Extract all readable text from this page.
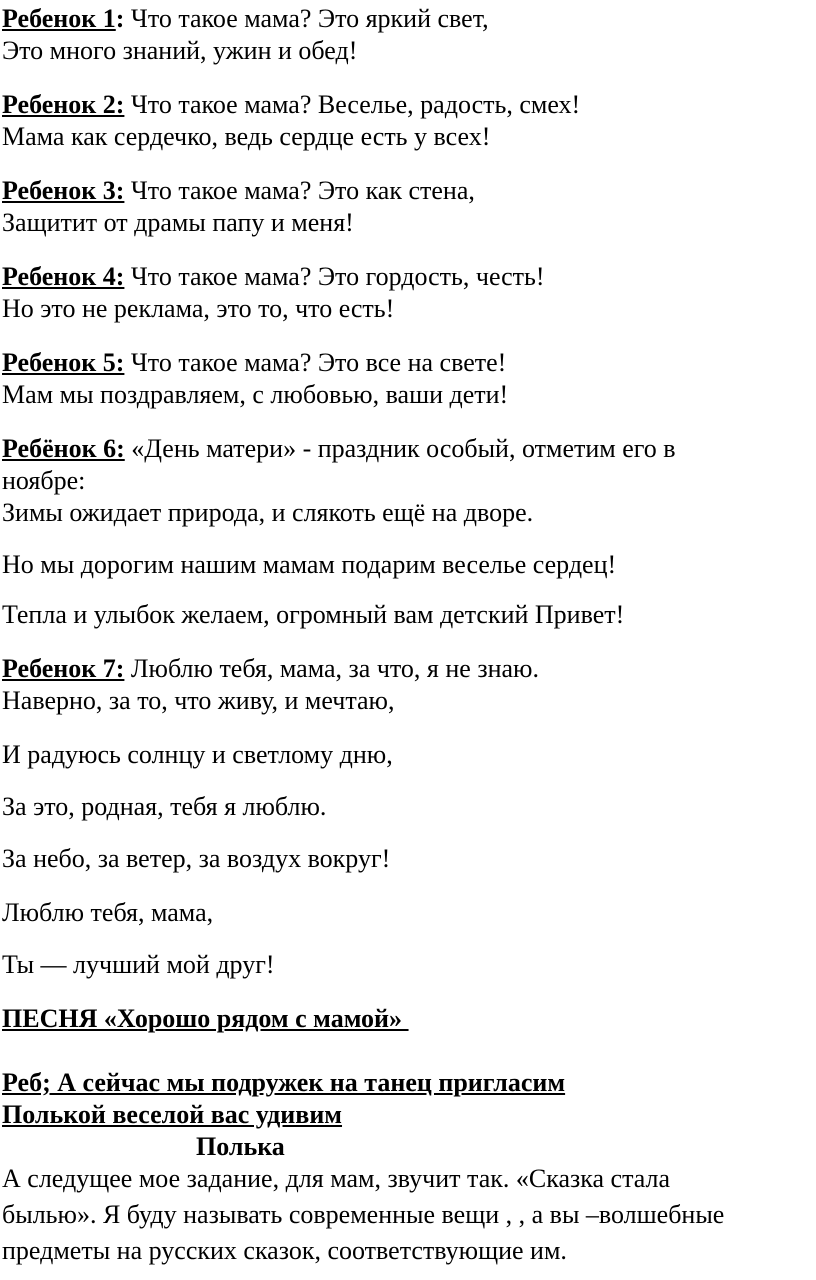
Ребенок 1: Что такое мама? Это яркий свет,
Это много знаний, ужин и обед!
Ребенок 2: Что такое мама? Веселье, радость, смех!
Мама как сердечко, ведь сердце есть у всех!
Ребенок 3: Что такое мама? Это как стена,
Защитит от драмы папу и меня!
Ребенок 4: Что такое мама? Это гордость, честь!
Но это не реклама, это то, что есть!
Ребенок 5: Что такое мама? Это все на свете!
Мам мы поздравляем, с любовью, ваши дети!
Ребёнок 6: «День матери» - праздник особый, отметим его в
ноябре:
Зимы ожидает природа, и слякоть ещё на дворе.
Но мы дорогим нашим мамам подарим веселье сердец!
Тепла и улыбок желаем, огромный вам детский Привет!
Ребенок 7: Люблю тебя, мама, за что, я не знаю.
Наверно, за то, что живу, и мечтаю,
И радуюсь солнцу и светлому дню,
За это, родная, тебя я люблю.
За небо, за ветер, за воздух вокруг!
Люблю тебя, мама,
Ты — лучший мой друг!
ПЕСНЯ «Хорошо рядом с мамой»
Реб; А сейчас мы подружек на танец пригласим
Полькой веселой вас удивим
Полька
А следущее мое задание, для мам, звучит так. «Сказка стала
былью». Я буду называть современные вещи , , а вы –волшебные
предметы на русских сказок, соответствующие им.
